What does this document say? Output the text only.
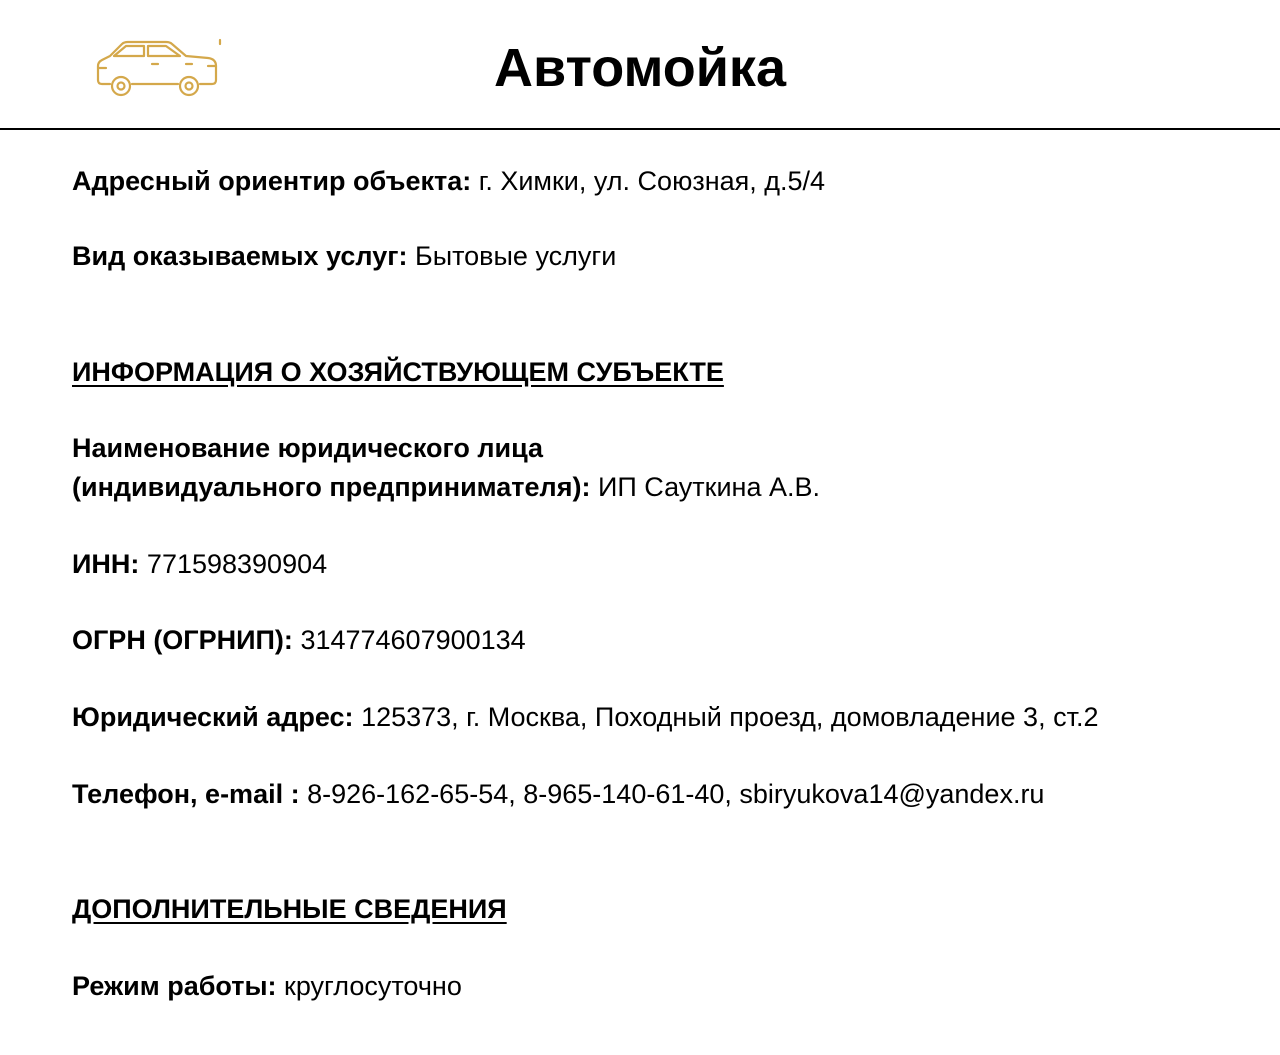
Автомойка
Адресный ориентир объекта: г. Химки, ул. Союзная, д.5/4
Вид оказываемых услуг: Бытовые услуги
ИНФОРМАЦИЯ О ХОЗЯЙСТВУЮЩЕМ СУБЪЕКТЕ
Наименование юридического лица
(индивидуального предпринимателя): ИП Сауткина А.В.
ИНН: 771598390904
ОГРН (ОГРНИП): 314774607900134
Юридический адрес: 125373, г. Москва, Походный проезд, домовладение 3, ст.2
Телефон, e-mail : 8-926-162-65-54, 8-965-140-61-40, sbiryukova14@yandex.ru
ДОПОЛНИТЕЛЬНЫЕ СВЕДЕНИЯ
Режим работы: круглосуточно
